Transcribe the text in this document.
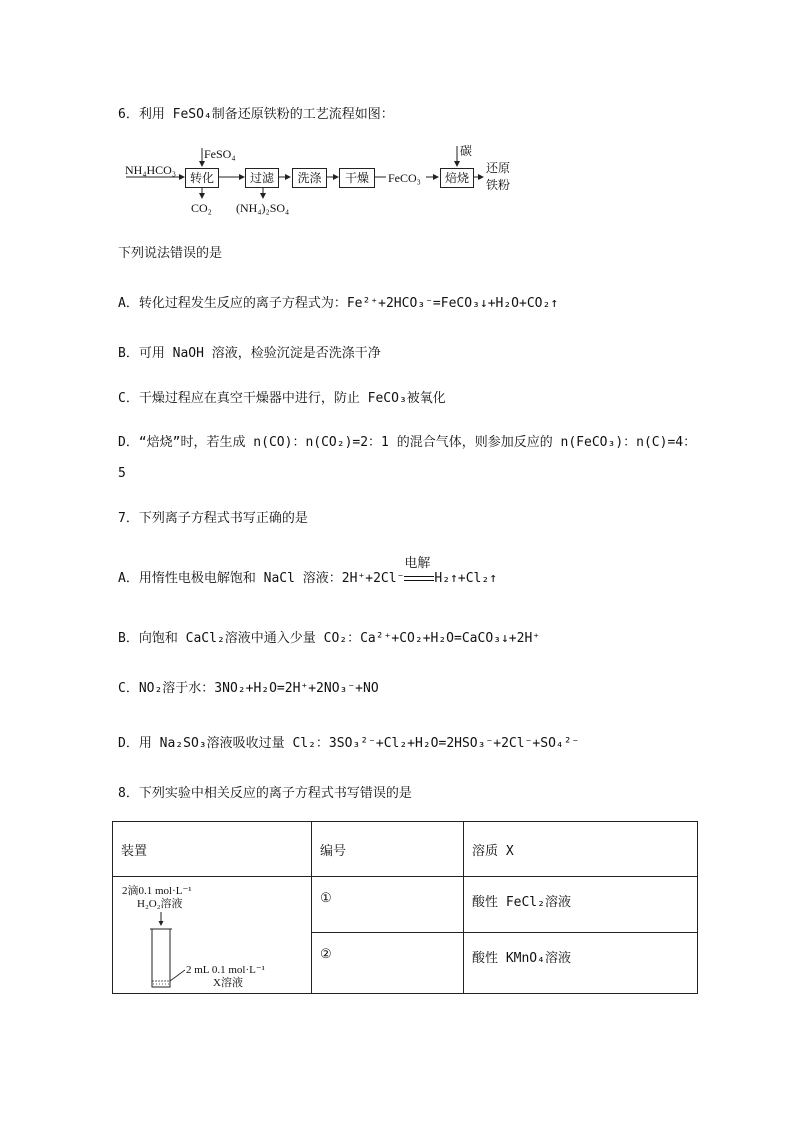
6．利用 FeSO₄制备还原铁粉的工艺流程如图：
NH₄HCO₃
FeSO₄
转化
CO₂
过滤
(NH₄)₂SO₄
洗涤	干燥	FeCO₃
碳
焙烧
还原
铁粉
下列说法错误的是
A．转化过程发生反应的离子方程式为：Fe²⁺+2HCO₃⁻=FeCO₃↓+H₂O+CO₂↑
B．可用 NaOH 溶液，检验沉淀是否洗涤干净
C．干燥过程应在真空干燥器中进行，防止 FeCO₃被氧化
D．“焙烧”时，若生成 n(CO)：n(CO₂)=2：1 的混合气体，则参加反应的 n(FeCO₃)：n(C)=4：
5
7．下列离子方程式书写正确的是
A．用惰性电极电解饱和 NaCl 溶液：2H⁺+2Cl⁻
电解
H₂↑+Cl₂↑
B．向饱和 CaCl₂溶液中通入少量 CO₂：Ca²⁺+CO₂+H₂O=CaCO₃↓+2H⁺
C．NO₂溶于水：3NO₂+H₂O=2H⁺+2NO₃⁻+NO
D．用 Na₂SO₃溶液吸收过量 Cl₂：3SO₃²⁻+Cl₂+H₂O=2HSO₃⁻+2Cl⁻+SO₄²⁻
8．下列实验中相关反应的离子方程式书写错误的是
装置	编号	溶质 X

2滴0.1 mol·L⁻¹
H₂O₂溶液
2 mL 0.1 mol·L⁻¹
X溶液	①	酸性 FeCl₂溶液
	②	酸性 KMnO₄溶液
